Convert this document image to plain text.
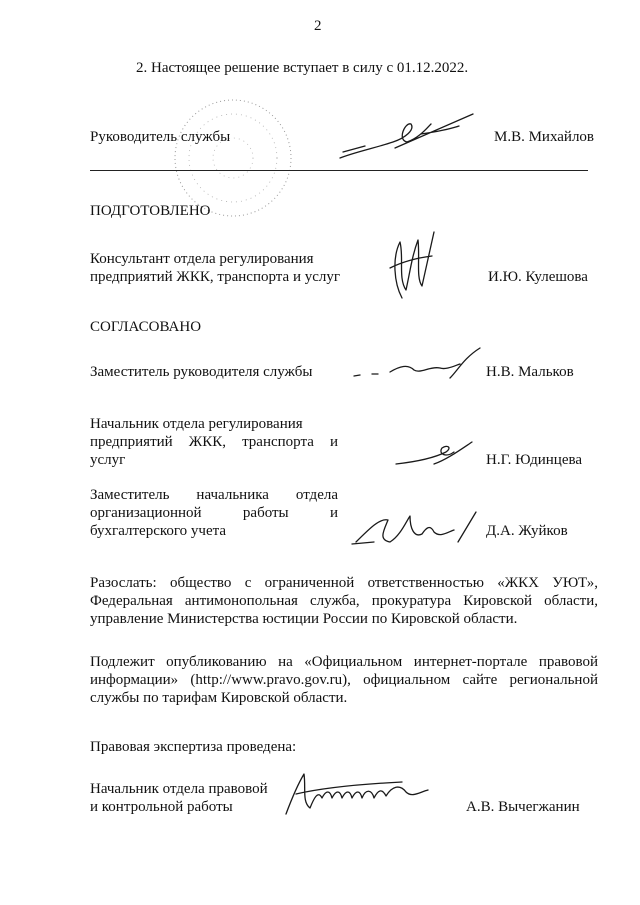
2
2. Настоящее решение вступает в силу с 01.12.2022.
Руководитель службы	М.В. Михайлов
ПОДГОТОВЛЕНО
Консультант отдела регулирования
предприятий ЖКК, транспорта и услуг	И.Ю. Кулешова
СОГЛАСОВАНО
Заместитель руководителя службы	Н.В. Мальков
Начальник отдела регулирования
предприятий ЖКК, транспорта и
услуг	Н.Г. Юдинцева
Заместитель начальника отдела
организационной работы и
бухгалтерского учета	Д.А. Жуйков
Разослать: общество с ограниченной ответственностью «ЖКХ УЮТ»,
Федеральная антимонопольная служба, прокуратура Кировской области,
управление Министерства юстиции России по Кировской области.
Подлежит опубликованию на «Официальном интернет-портале правовой
информации» (http://www.pravo.gov.ru), официальном сайте региональной
службы по тарифам Кировской области.
Правовая экспертиза проведена:
Начальник отдела правовой
и контрольной работы	А.В. Вычегжанин
